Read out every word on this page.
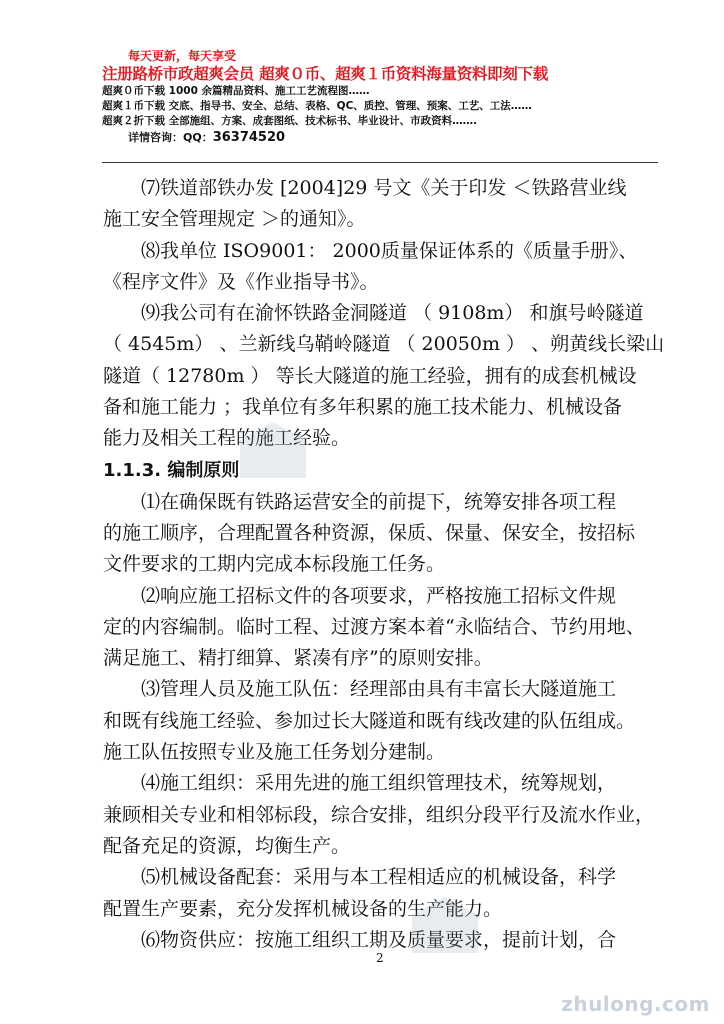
每天更新，每天享受
注册路桥市政超爽会员 超爽０币、超爽１币资料海量资料即刻下载
超爽０币下载 1000 余篇精品资料、施工工艺流程图……
超爽１币下载 交底、指导书、安全、总结、表格、QC、质控、管理、预案、工艺、工法……
超爽２折下载 全部施组、方案、成套图纸、技术标书、毕业设计、市政资料…….
详情咨询：QQ：36374520

⑺铁道部铁办发 [2004]29 号文《关于印发 ＜铁路营业线

施工安全管理规定 ＞的通知》。

⑻我单位 ISO9001： 2000质量保证体系的《质量手册》、

《程序文件》及《作业指导书》。

⑼我公司有在渝怀铁路金洞隧道 （ 9108m） 和旗号岭隧道

（ 4545m） 、兰新线乌鞘岭隧道 （ 20050m ） 、朔黄线长梁山

隧道（ 12780m ） 等长大隧道的施工经验，拥有的成套机械设

备和施工能力 ；我单位有多年积累的施工技术能力、机械设备

能力及相关工程的施工经验。

1.1.3. 编制原则

⑴在确保既有铁路运营安全的前提下，统筹安排各项工程

的施工顺序，合理配置各种资源，保质、保量、保安全，按招标

文件要求的工期内完成本标段施工任务。

⑵响应施工招标文件的各项要求，严格按施工招标文件规

定的内容编制。临时工程、过渡方案本着“永临结合、节约用地、

满足施工、精打细算、紧凑有序”的原则安排。

⑶管理人员及施工队伍：经理部由具有丰富长大隧道施工

和既有线施工经验、参加过长大隧道和既有线改建的队伍组成。

施工队伍按照专业及施工任务划分建制。

⑷施工组织：采用先进的施工组织管理技术，统筹规划，

兼顾相关专业和相邻标段，综合安排，组织分段平行及流水作业，

配备充足的资源，均衡生产。

⑸机械设备配套：采用与本工程相适应的机械设备，科学

配置生产要素，充分发挥机械设备的生产能力。

⑹物资供应：按施工组织工期及质量要求，提前计划，合

2
zhulong.com
